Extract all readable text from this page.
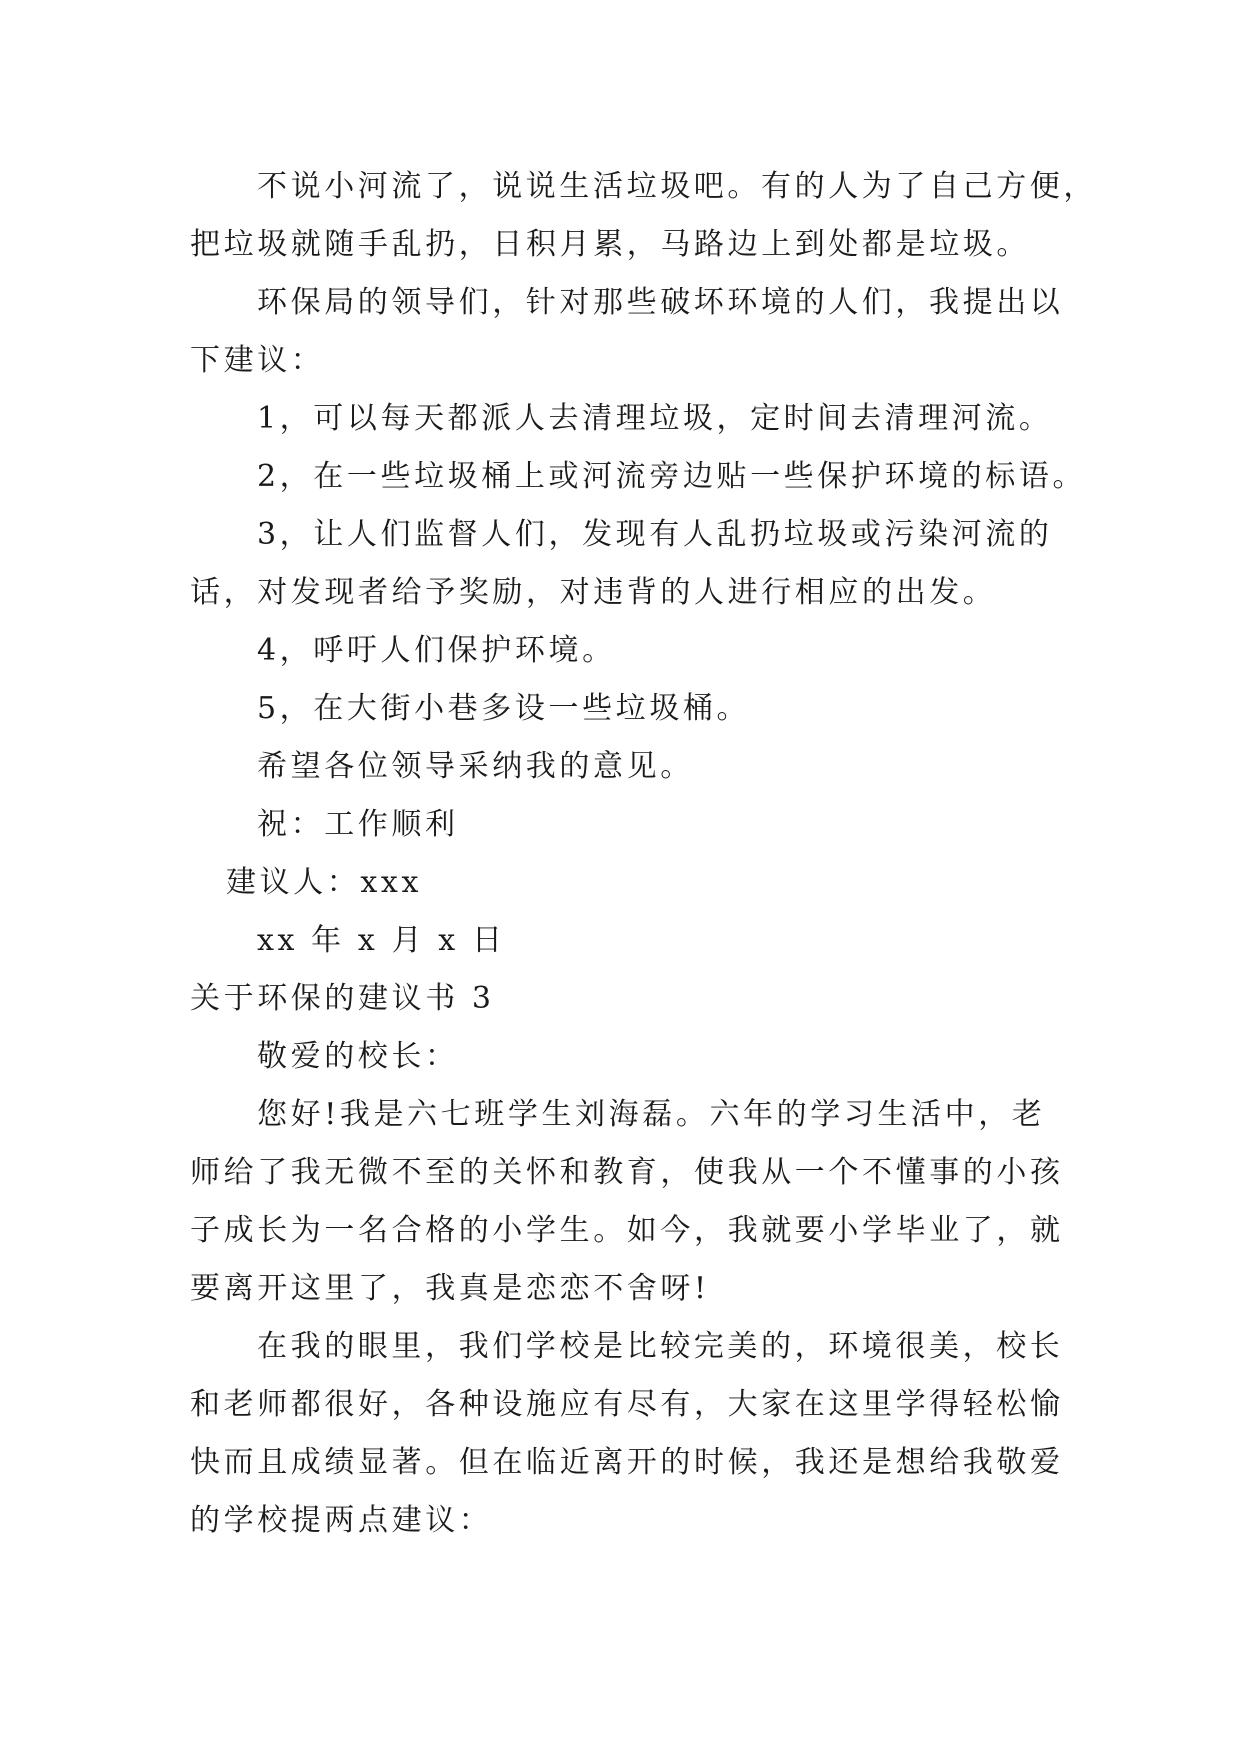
不说小河流了，说说生活垃圾吧。有的人为了自己方便，
把垃圾就随手乱扔，日积月累，马路边上到处都是垃圾。
环保局的领导们，针对那些破坏环境的人们，我提出以
下建议：
1，可以每天都派人去清理垃圾，定时间去清理河流。
2，在一些垃圾桶上或河流旁边贴一些保护环境的标语。
3，让人们监督人们，发现有人乱扔垃圾或污染河流的
话，对发现者给予奖励，对违背的人进行相应的出发。
4，呼吁人们保护环境。
5，在大街小巷多设一些垃圾桶。
希望各位领导采纳我的意见。
祝：工作顺利
建议人：xxx
xx 年 x 月 x 日
关于环保的建议书 3
敬爱的校长：
您好!我是六七班学生刘海磊。六年的学习生活中，老
师给了我无微不至的关怀和教育，使我从一个不懂事的小孩
子成长为一名合格的小学生。如今，我就要小学毕业了，就
要离开这里了，我真是恋恋不舍呀!
在我的眼里，我们学校是比较完美的，环境很美，校长
和老师都很好，各种设施应有尽有，大家在这里学得轻松愉
快而且成绩显著。但在临近离开的时候，我还是想给我敬爱
的学校提两点建议：
